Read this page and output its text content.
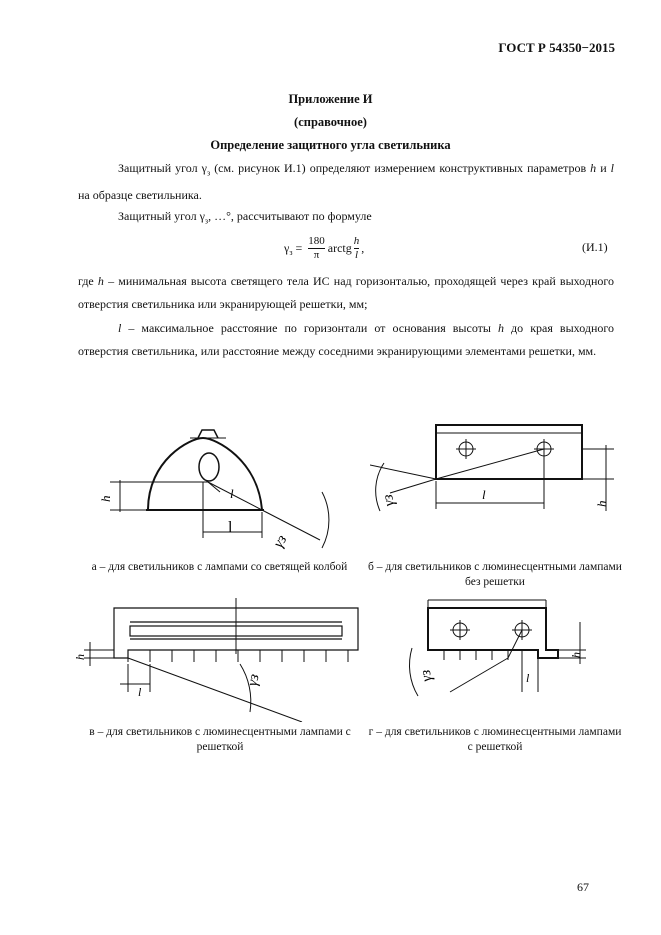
ГОСТ Р 54350−2015
Приложение И
(справочное)
Определение защитного угла светильника
Защитный угол $\gamma_з$ (см. рисунок И.1) определяют измерением конструктивных параметров h и l на образце светильника.
Защитный угол $\gamma_з$, …°, рассчитывают по формуле
$\gamma_з = \frac{180}{\pi}$ arctg h
l ,	(И.1)
где h – минимальная высота светящего тела ИС над горизонталью, проходящей через край выходного отверстия светильника или экранирующей решетки, мм;
l – максимальное расстояние по горизонтали от основания высоты h до края выходного отверстия светильника, или расстояние между соседними экранирующими элементами решетки, мм.
h	l
l
γз
а – для светильников с лампами со светящей колбой
l
h
γз
б – для светильников с люминесцентными лампами без решетки
h
l
γз
в – для светильников с люминесцентными лампами с решеткой
l
h
γз
г – для светильников с люминесцентными лампами с решеткой
67
